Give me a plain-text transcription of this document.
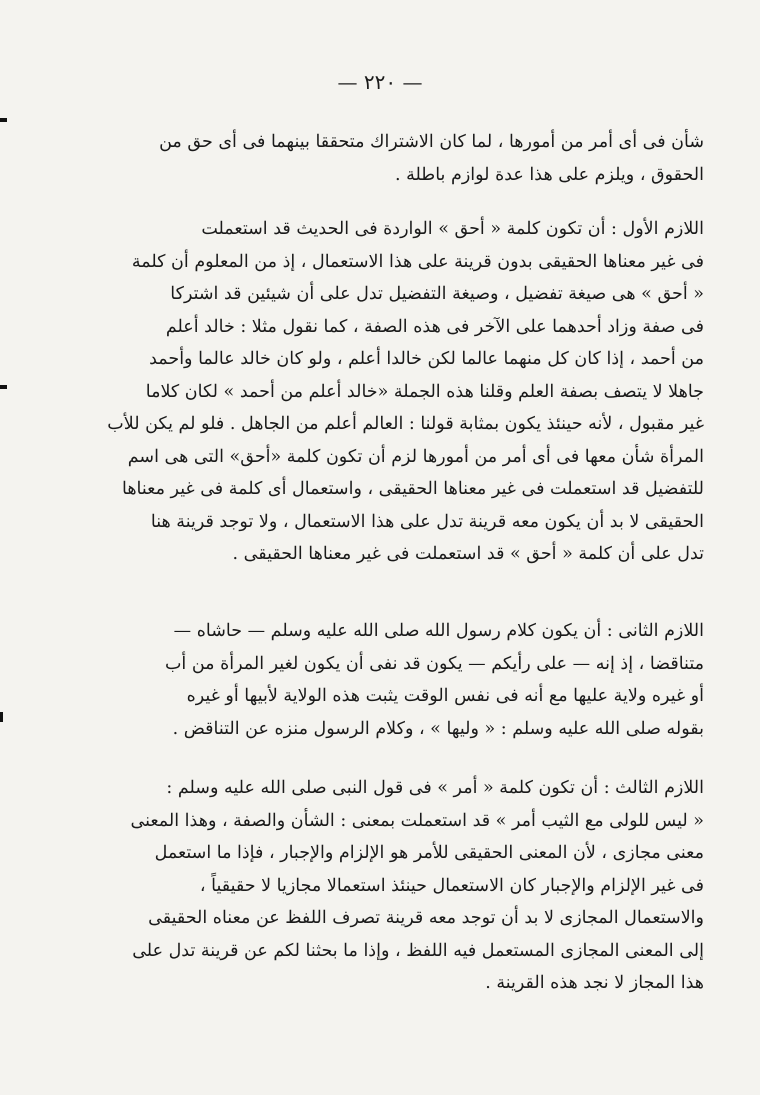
— ٢٢٠ —
شأن فى أى أمر من أمورها ، لما كان الاشتراك متحققا بينهما فى أى حق من
الحقوق ، ويلزم على هذا عدة لوازم باطلة .
اللازم الأول : أن تكون كلمة « أحق » الواردة فى الحديث قد استعملت
فى غير معناها الحقيقى بدون قرينة على هذا الاستعمال ، إذ من المعلوم أن كلمة
« أحق » هى صيغة تفضيل ، وصيغة التفضيل تدل على أن شيئين قد اشتركا
فى صفة وزاد أحدهما على الآخر فى هذه الصفة ، كما نقول مثلا : خالد أعلم
من أحمد ، إذا كان كل منهما عالما لكن خالدا أعلم ، ولو كان خالد عالما وأحمد
جاهلا لا يتصف بصفة العلم وقلنا هذه الجملة «خالد أعلم من أحمد » لكان كلاما
غير مقبول ، لأنه حينئذ يكون بمثابة قولنا : العالم أعلم من الجاهل . فلو لم يكن للأب
المرأة شأن معها فى أى أمر من أمورها لزم أن تكون كلمة «أحق» التى هى اسم
للتفضيل قد استعملت فى غير معناها الحقيقى ، واستعمال أى كلمة فى غير معناها
الحقيقى لا بد أن يكون معه قرينة تدل على هذا الاستعمال ، ولا توجد قرينة هنا
تدل على أن كلمة « أحق » قد استعملت فى غير معناها الحقيقى .
اللازم الثانى : أن يكون كلام رسول الله صلى الله عليه وسلم — حاشاه —
متناقضا ، إذ إنه — على رأيكم — يكون قد نفى أن يكون لغير المرأة من أب
أو غيره ولاية عليها مع أنه فى نفس الوقت يثبت هذه الولاية لأبيها أو غيره
بقوله صلى الله عليه وسلم : « وليها » ، وكلام الرسول منزه عن التناقض .
اللازم الثالث : أن تكون كلمة « أمر » فى قول النبى صلى الله عليه وسلم :
« ليس للولى مع الثيب أمر » قد استعملت بمعنى : الشأن والصفة ، وهذا المعنى
معنى مجازى ، لأن المعنى الحقيقى للأمر هو الإلزام والإجبار ، فإذا ما استعمل
فى غير الإلزام والإجبار كان الاستعمال حينئذ استعمالا مجازيا لا حقيقياً ،
والاستعمال المجازى لا بد أن توجد معه قرينة تصرف اللفظ عن معناه الحقيقى
إلى المعنى المجازى المستعمل فيه اللفظ ، وإذا ما بحثنا لكم عن قرينة تدل على
هذا المجاز لا نجد هذه القرينة .
